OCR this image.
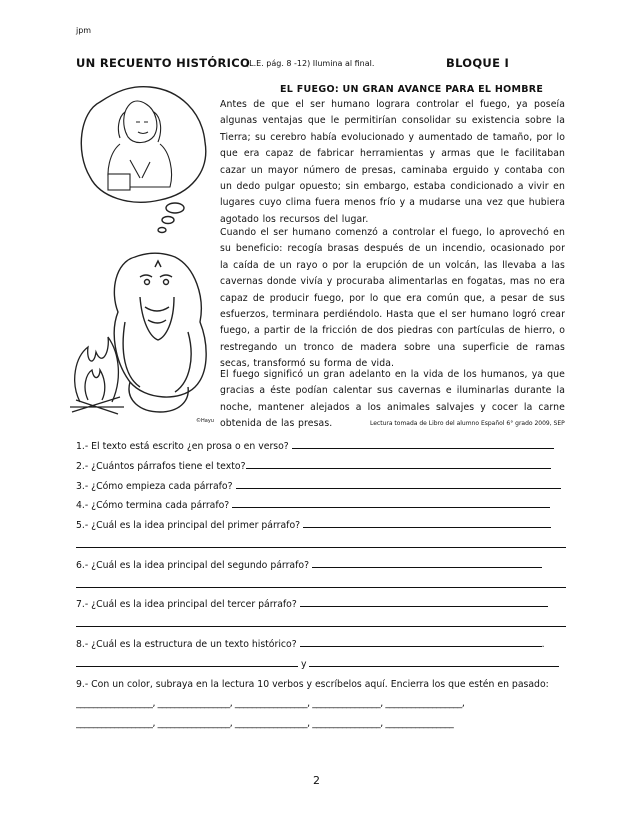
jpm
UN RECUENTO HISTÓRICO
(L.E. pág. 8 -12) Ilumina al final.	BLOQUE I
EL FUEGO: UN GRAN AVANCE PARA EL HOMBRE

Antes de que el ser humano lograra controlar el fuego, ya poseía algunas ventajas que le permitirían consolidar su existencia sobre la Tierra; su cerebro había evolucionado y aumentado de tamaño, por lo que era capaz de fabricar herramientas y armas que le facilitaban cazar un mayor número de presas, caminaba erguido y contaba con un dedo pulgar opuesto; sin embargo, estaba condicionado a vivir en lugares cuyo clima fuera menos frío y a mudarse una vez que hubiera agotado los recursos del lugar.

Cuando el ser humano comenzó a controlar el fuego, lo aprovechó en su beneficio: recogía brasas después de un incendio, ocasionado por la caída de un rayo o por la erupción de un volcán, las llevaba a las cavernas donde vivía y procuraba alimentarlas en fogatas, mas no era capaz de producir fuego, por lo que era común que, a pesar de sus esfuerzos, terminara perdiéndolo. Hasta que el ser humano logró crear fuego, a partir de la fricción de dos piedras con partículas de hierro, o restregando un tronco de madera sobre una superficie de ramas secas, transformó su forma de vida.

El fuego significó un gran adelanto en la vida de los humanos, ya que gracias a éste podían calentar sus cavernas e iluminarlas durante la noche, mantener alejados a los animales salvajes y cocer la carne obtenida de las presas.

©Hayu	Lectura tomada de Libro del alumno Español 6° grado 2009, SEP
1.- El texto está escrito ¿en prosa o en verso?
2.- ¿Cuántos párrafos tiene el texto?
3.- ¿Cómo empieza cada párrafo?
4.- ¿Cómo termina cada párrafo?
5.- ¿Cuál es la idea principal del primer párrafo?
6.- ¿Cuál es la idea principal del segundo párrafo?
7.- ¿Cuál es la idea principal del tercer párrafo?
8.- ¿Cuál es la estructura de un texto histórico?	.
y
9.- Con un color, subraya en la lectura 10 verbos y escríbelos aquí. Encierra los que estén en pasado:
__________________, _________________, _________________, ________________, __________________,
__________________, _________________, _________________, ________________, ________________
2
